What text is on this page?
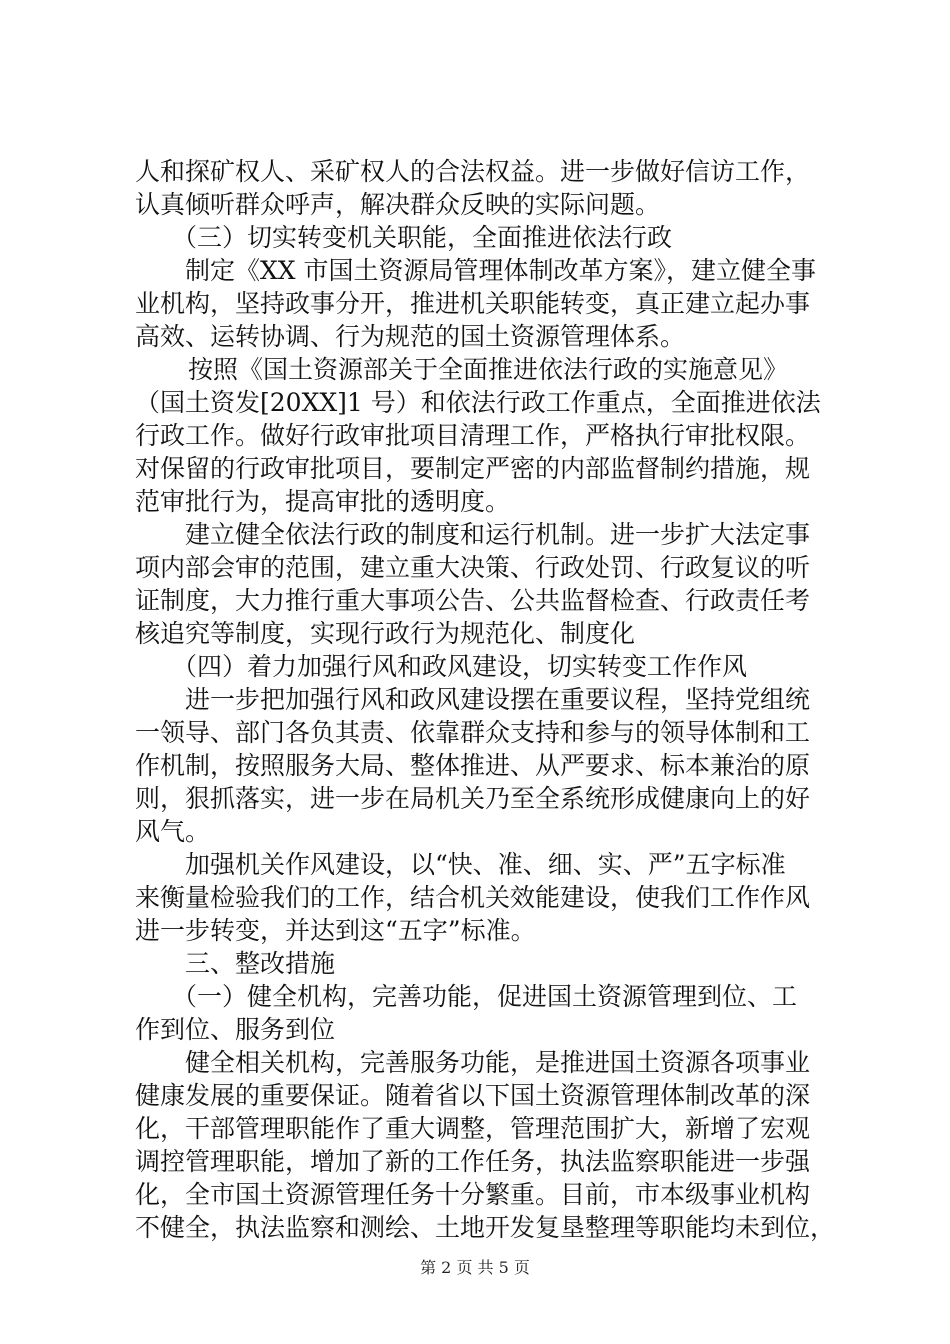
人和探矿权人、采矿权人的合法权益。进一步做好信访工作，
认真倾听群众呼声，解决群众反映的实际问题。
（三）切实转变机关职能，全面推进依法行政
制定《XX 市国土资源局管理体制改革方案》，建立健全事
业机构，坚持政事分开，推进机关职能转变，真正建立起办事
高效、运转协调、行为规范的国土资源管理体系。
按照《国土资源部关于全面推进依法行政的实施意见》
（国土资发[20XX]1 号）和依法行政工作重点，全面推进依法
行政工作。做好行政审批项目清理工作，严格执行审批权限。
对保留的行政审批项目，要制定严密的内部监督制约措施，规
范审批行为，提高审批的透明度。
建立健全依法行政的制度和运行机制。进一步扩大法定事
项内部会审的范围，建立重大决策、行政处罚、行政复议的听
证制度，大力推行重大事项公告、公共监督检查、行政责任考
核追究等制度，实现行政行为规范化、制度化
（四）着力加强行风和政风建设，切实转变工作作风
进一步把加强行风和政风建设摆在重要议程，坚持党组统
一领导、部门各负其责、依靠群众支持和参与的领导体制和工
作机制，按照服务大局、整体推进、从严要求、标本兼治的原
则，狠抓落实，进一步在局机关乃至全系统形成健康向上的好
风气。
加强机关作风建设，以“快、准、细、实、严”五字标准
来衡量检验我们的工作，结合机关效能建设，使我们工作作风
进一步转变，并达到这“五字”标准。
三、整改措施
（一）健全机构，完善功能，促进国土资源管理到位、工
作到位、服务到位
健全相关机构，完善服务功能，是推进国土资源各项事业
健康发展的重要保证。随着省以下国土资源管理体制改革的深
化，干部管理职能作了重大调整，管理范围扩大，新增了宏观
调控管理职能，增加了新的工作任务，执法监察职能进一步强
化，全市国土资源管理任务十分繁重。目前，市本级事业机构
不健全，执法监察和测绘、土地开发复垦整理等职能均未到位，
第 2 页 共 5 页
